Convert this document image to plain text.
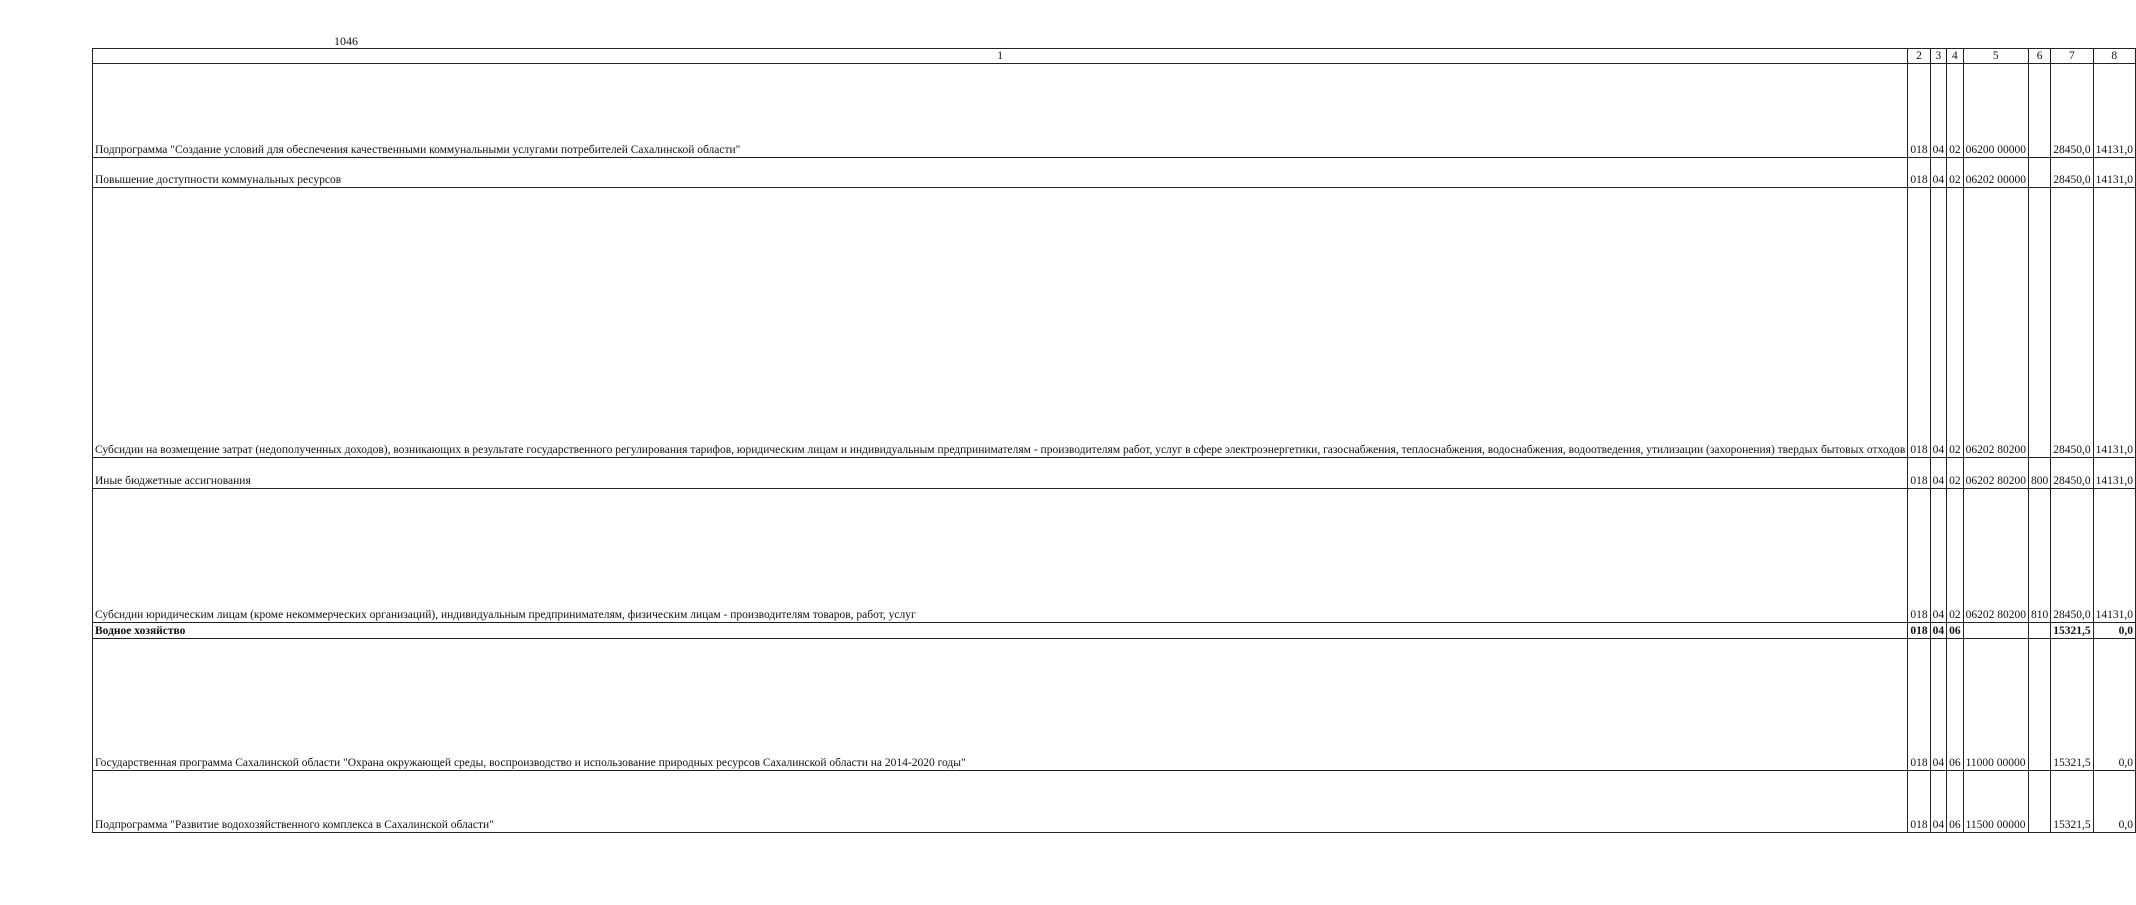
1046
1	2	3	4	5	6	7	8
Подпрограмма "Создание условий для обеспечения качественными коммунальными услугами потребителей Сахалинской области"	018	04	02	06200 00000		28450,0	14131,0
Повышение доступности коммунальных ресурсов	018	04	02	06202 00000		28450,0	14131,0
Субсидии на возмещение затрат (недополученных доходов), возникающих в результате государственного регулирования тарифов, юридическим лицам и индивидуальным предпринимателям - производителям работ, услуг в сфере электроэнергетики, газоснабжения, теплоснабжения, водоснабжения, водоотведения, утилизации (захоронения) твердых бытовых отходов	018	04	02	06202 80200		28450,0	14131,0
Иные бюджетные ассигнования	018	04	02	06202 80200	800	28450,0	14131,0
Субсидии юридическим лицам (кроме некоммерческих организаций), индивидуальным предпринимателям, физическим лицам - производителям товаров, работ, услуг	018	04	02	06202 80200	810	28450,0	14131,0
Водное хозяйство	018	04	06			15321,5	0,0
Государственная программа Сахалинской области "Охрана окружающей среды, воспроизводство и использование природных ресурсов Сахалинской области на 2014-2020 годы"	018	04	06	11000 00000		15321,5	0,0
Подпрограмма "Развитие водохозяйственного комплекса в Сахалинской области"	018	04	06	11500 00000		15321,5	0,0
